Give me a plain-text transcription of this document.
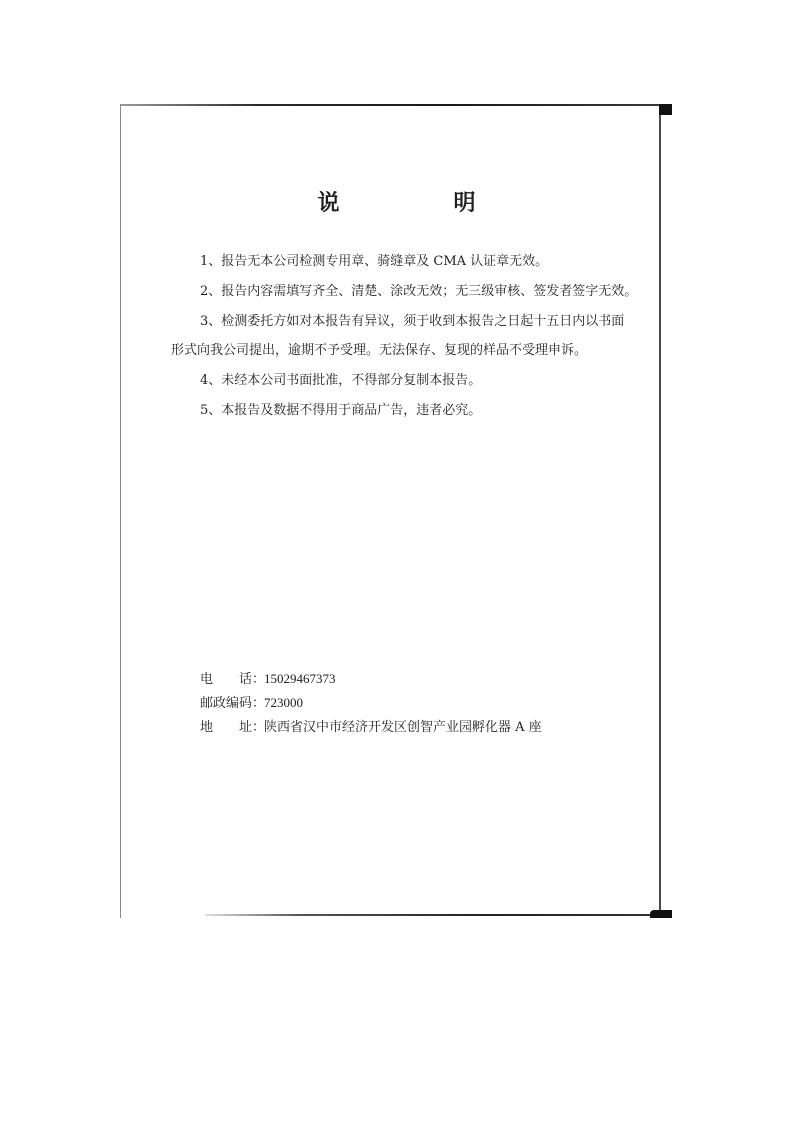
说　明
1、报告无本公司检测专用章、骑缝章及 CMA 认证章无效。
2、报告内容需填写齐全、清楚、涂改无效；无三级审核、签发者签字无效。
3、检测委托方如对本报告有异议，须于收到本报告之日起十五日内以书面
形式向我公司提出，逾期不予受理。无法保存、复现的样品不受理申诉。
4、未经本公司书面批准，不得部分复制本报告。
5、本报告及数据不得用于商品广告，违者必究。
电　　话：15029467373
邮政编码：723000
地　　址：陕西省汉中市经济开发区创智产业园孵化器 A 座
